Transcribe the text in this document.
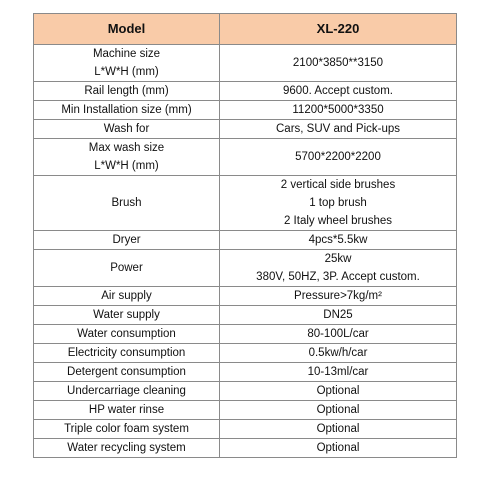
Model	XL-220

Machine size
L*W*H (mm)	2100*3850**3150

Rail length (mm)	9600. Accept custom.

Min Installation size (mm)	11200*5000*3350

Wash for	Cars, SUV and Pick-ups

Max wash size
L*W*H (mm)	5700*2200*2200

Brush	2 vertical side brushes
1 top brush
2 Italy wheel brushes

Dryer	4pcs*5.5kw

Power	25kw
380V, 50HZ, 3P. Accept custom.

Air supply	Pressure>7kg/m²

Water supply	DN25

Water consumption	80-100L/car

Electricity consumption	0.5kw/h/car

Detergent consumption	10-13ml/car

Undercarriage cleaning	Optional

HP water rinse	Optional

Triple color foam system	Optional

Water recycling system	Optional
